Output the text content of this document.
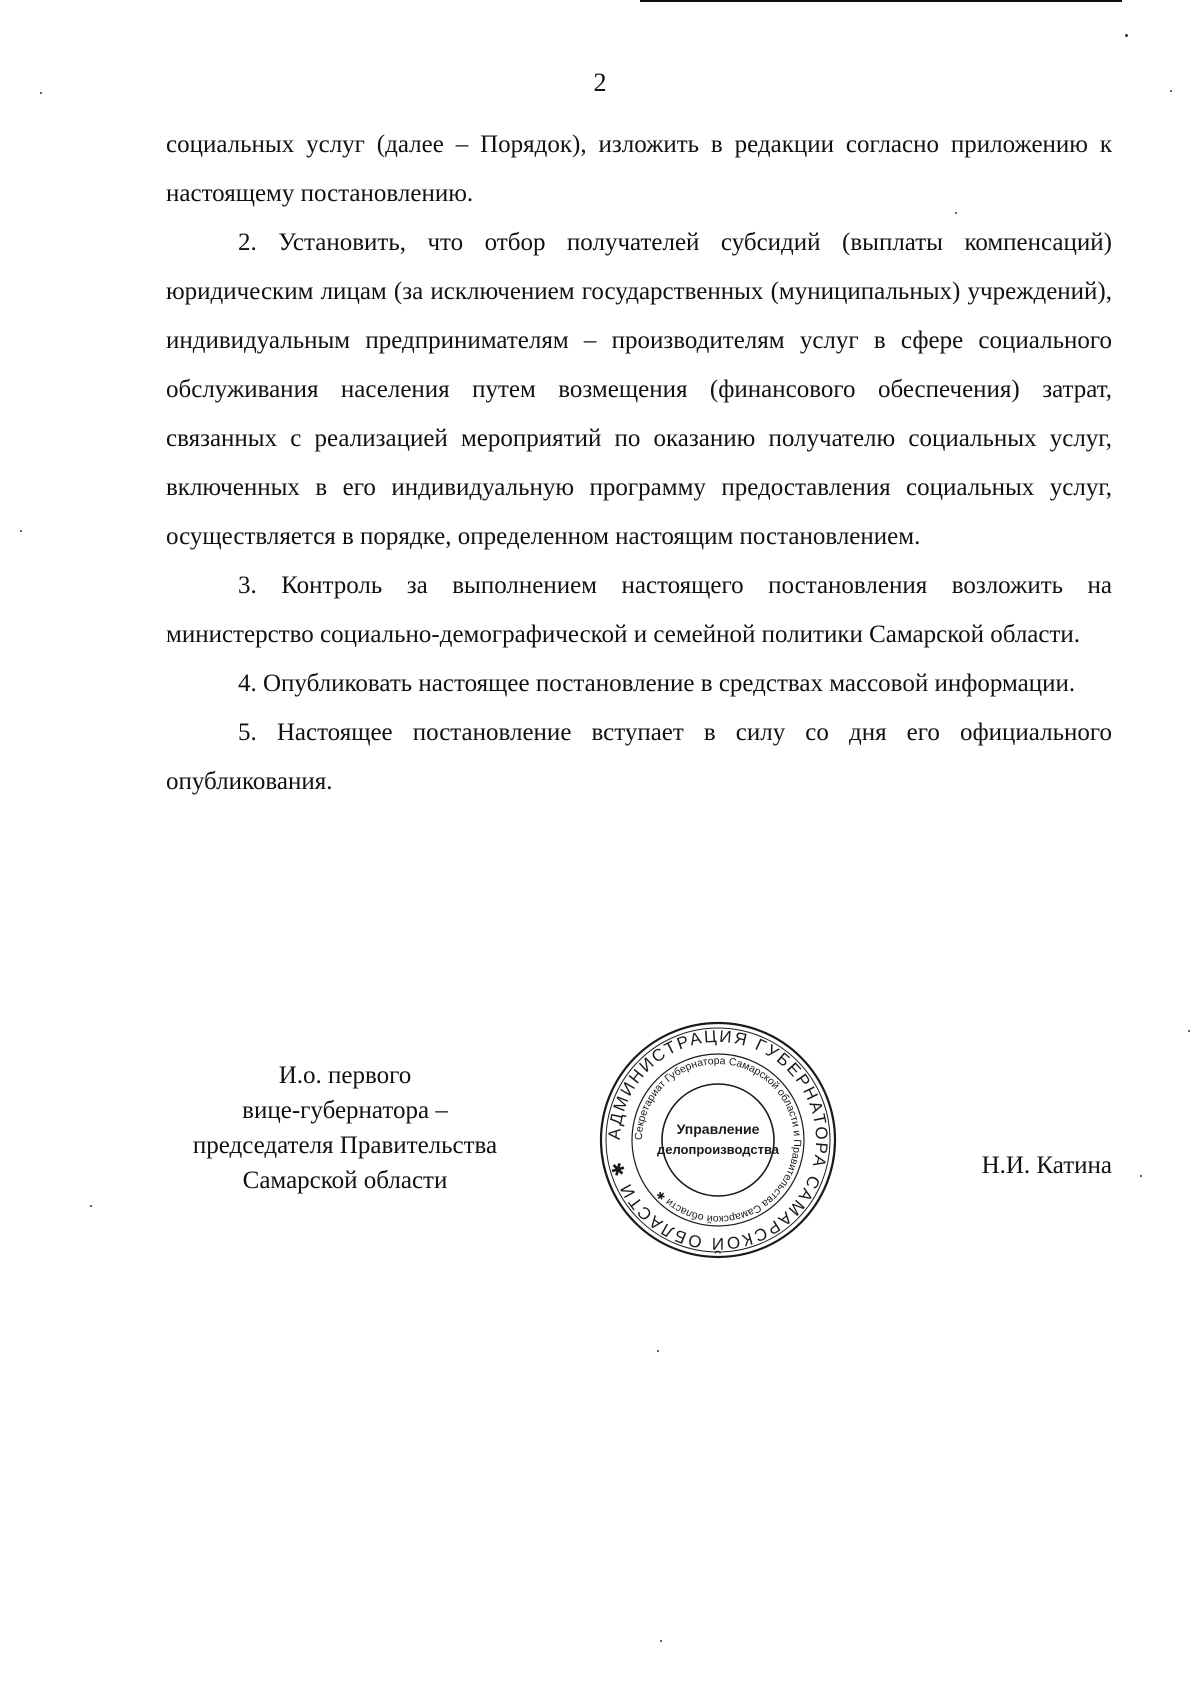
2

социальных услуг (далее – Порядок), изложить в редакции согласно приложению к настоящему постановлению.

2. Установить, что отбор получателей субсидий (выплаты компенсаций) юридическим лицам (за исключением государственных (муниципальных) учреждений), индивидуальным предпринимателям – производителям услуг в сфере социального обслуживания населения путем возмещения (финансового обеспечения) затрат, связанных с реализацией мероприятий по оказанию получателю социальных услуг, включенных в его индивидуальную программу предоставления социальных услуг, осуществляется в порядке, определенном настоящим постановлением.

3. Контроль за выполнением настоящего постановления возложить на министерство социально-демографической и семейной политики Самарской области.

4. Опубликовать настоящее постановление в средствах массовой информации.

5. Настоящее постановление вступает в силу со дня его официального опубликования.

И.о. первого
вице-губернатора –
председателя Правительства
Самарской области
АДМИНИСТРАЦИЯ ГУБЕРНАТОРА САМАРСКОЙ ОБЛАСТИ ✱
Секретариат Губернатора Самарской области и Правительства Самарской области ✱
Управление
делопроизводства
Н.И. Катина
